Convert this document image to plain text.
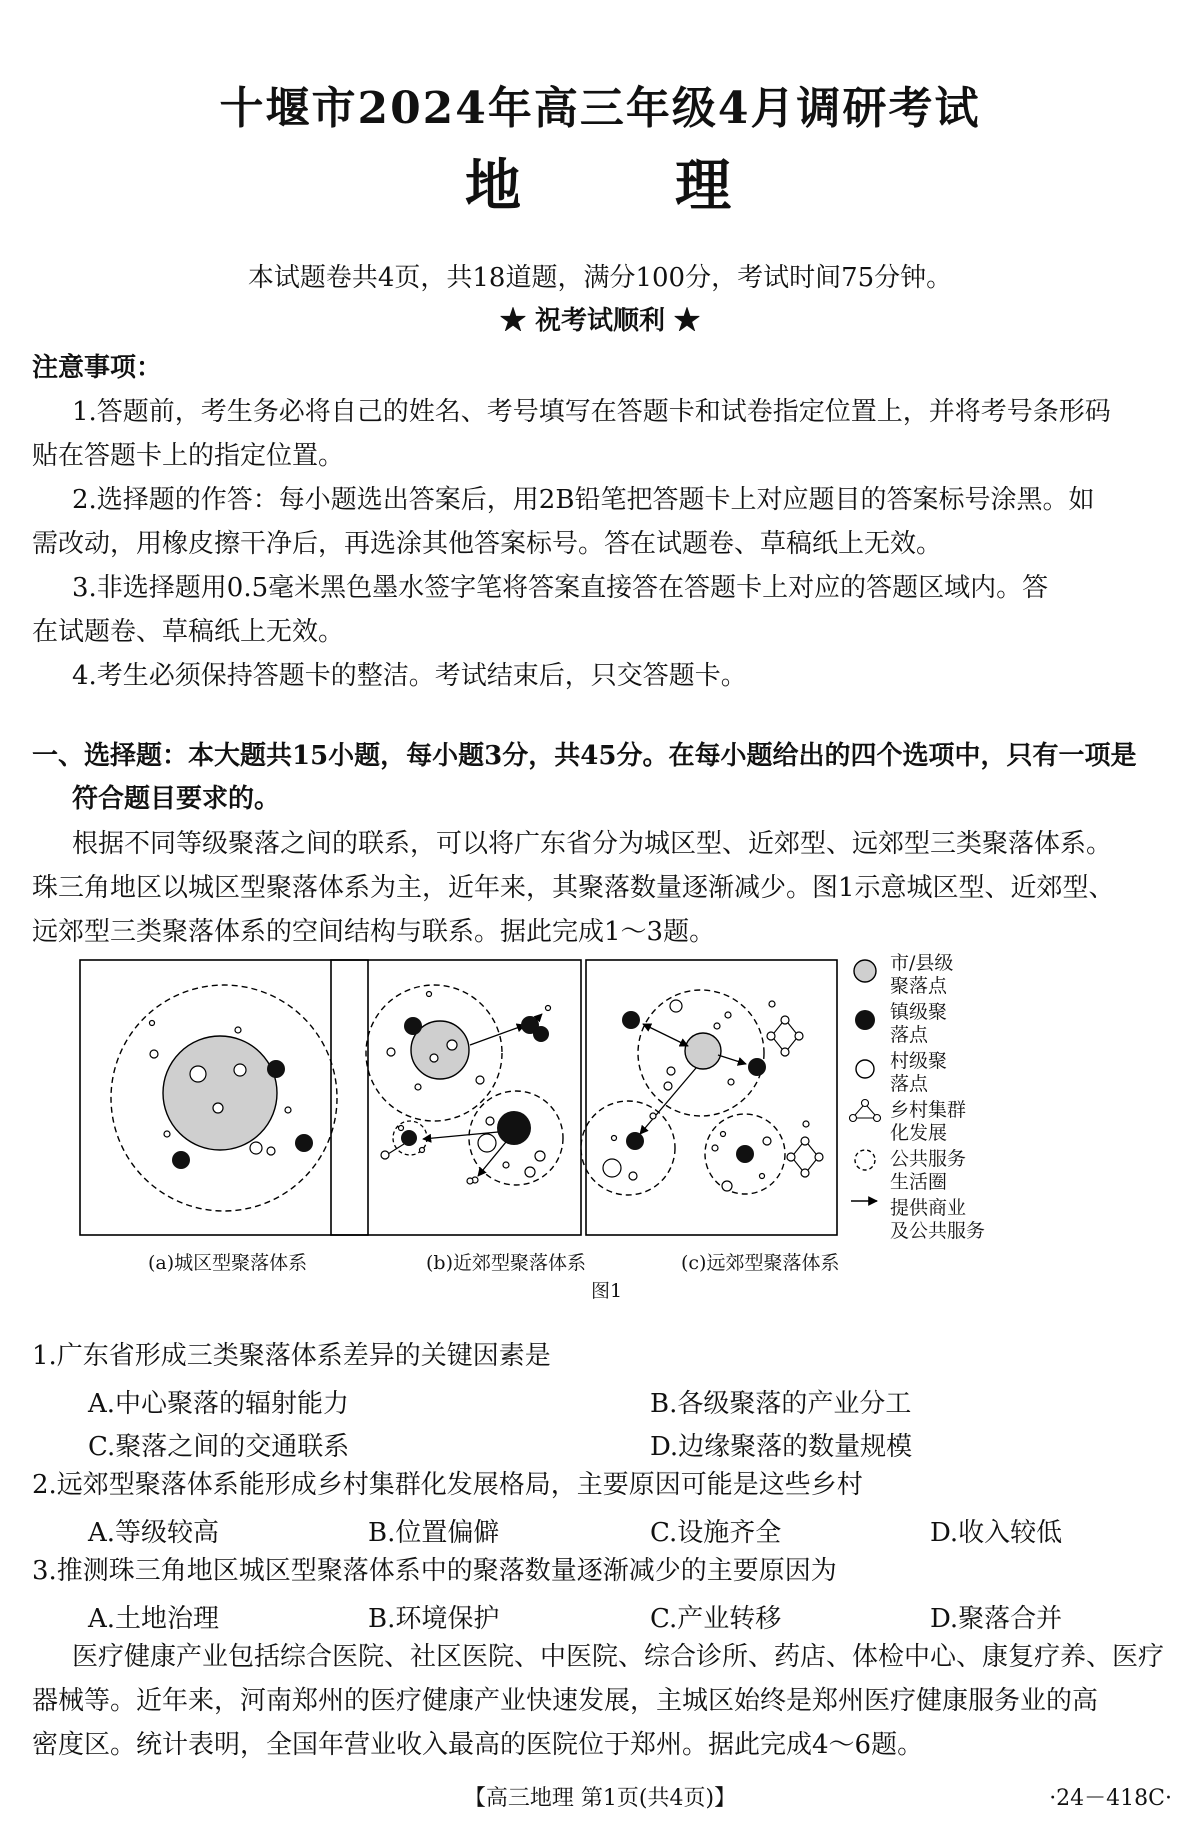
十堰市2024年高三年级4月调研考试
地	理
本试题卷共4页，共18道题，满分100分，考试时间75分钟。
★ 祝考试顺利 ★
注意事项：
1.答题前，考生务必将自己的姓名、考号填写在答题卡和试卷指定位置上，并将考号条形码
贴在答题卡上的指定位置。
2.选择题的作答：每小题选出答案后，用2B铅笔把答题卡上对应题目的答案标号涂黑。如
需改动，用橡皮擦干净后，再选涂其他答案标号。答在试题卷、草稿纸上无效。
3.非选择题用0.5毫米黑色墨水签字笔将答案直接答在答题卡上对应的答题区域内。答
在试题卷、草稿纸上无效。
4.考生必须保持答题卡的整洁。考试结束后，只交答题卡。
一、选择题：本大题共15小题，每小题3分，共45分。在每小题给出的四个选项中，只有一项是
符合题目要求的。
根据不同等级聚落之间的联系，可以将广东省分为城区型、近郊型、远郊型三类聚落体系。
珠三角地区以城区型聚落体系为主，近年来，其聚落数量逐渐减少。图1示意城区型、近郊型、
远郊型三类聚落体系的空间结构与联系。据此完成1～3题。
市/县级
聚落点
镇级聚
落点
村级聚
落点
乡村集群
化发展
公共服务
生活圈
提供商业
及公共服务
(a)城区型聚落体系	(b)近郊型聚落体系	(c)远郊型聚落体系
图1
1.广东省形成三类聚落体系差异的关键因素是
A.中心聚落的辐射能力	B.各级聚落的产业分工
C.聚落之间的交通联系	D.边缘聚落的数量规模
2.远郊型聚落体系能形成乡村集群化发展格局，主要原因可能是这些乡村
A.等级较高	B.位置偏僻	C.设施齐全	D.收入较低
3.推测珠三角地区城区型聚落体系中的聚落数量逐渐减少的主要原因为
A.土地治理	B.环境保护	C.产业转移	D.聚落合并
医疗健康产业包括综合医院、社区医院、中医院、综合诊所、药店、体检中心、康复疗养、医疗
器械等。近年来，河南郑州的医疗健康产业快速发展，主城区始终是郑州医疗健康服务业的高
密度区。统计表明，全国年营业收入最高的医院位于郑州。据此完成4～6题。
【高三地理 第1页(共4页)】	·24－418C·
